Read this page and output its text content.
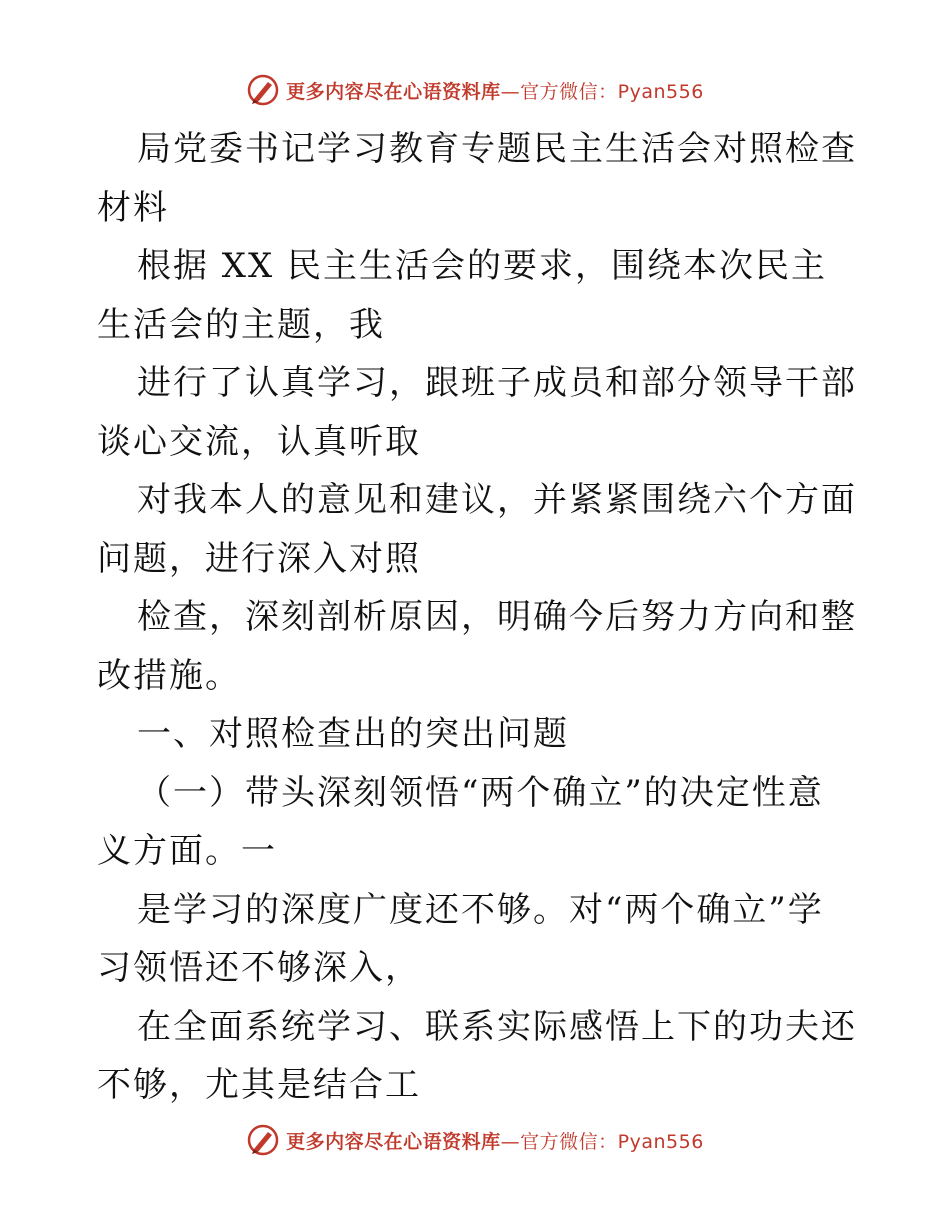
更多内容尽在心语资料库—官方微信：Pyan556

局党委书记学习教育专题民主生活会对照检查材料

根据 XX 民主生活会的要求，围绕本次民主生活会的主题，我

进行了认真学习，跟班子成员和部分领导干部谈心交流，认真听取

对我本人的意见和建议，并紧紧围绕六个方面问题，进行深入对照

检查，深刻剖析原因，明确今后努力方向和整改措施。

一、对照检查出的突出问题

（一）带头深刻领悟“两个确立”的决定性意义方面。一

是学习的深度广度还不够。对“两个确立”学习领悟还不够深入，

在全面系统学习、联系实际感悟上下的功夫还不够，尤其是结合工

更多内容尽在心语资料库—官方微信：Pyan556
